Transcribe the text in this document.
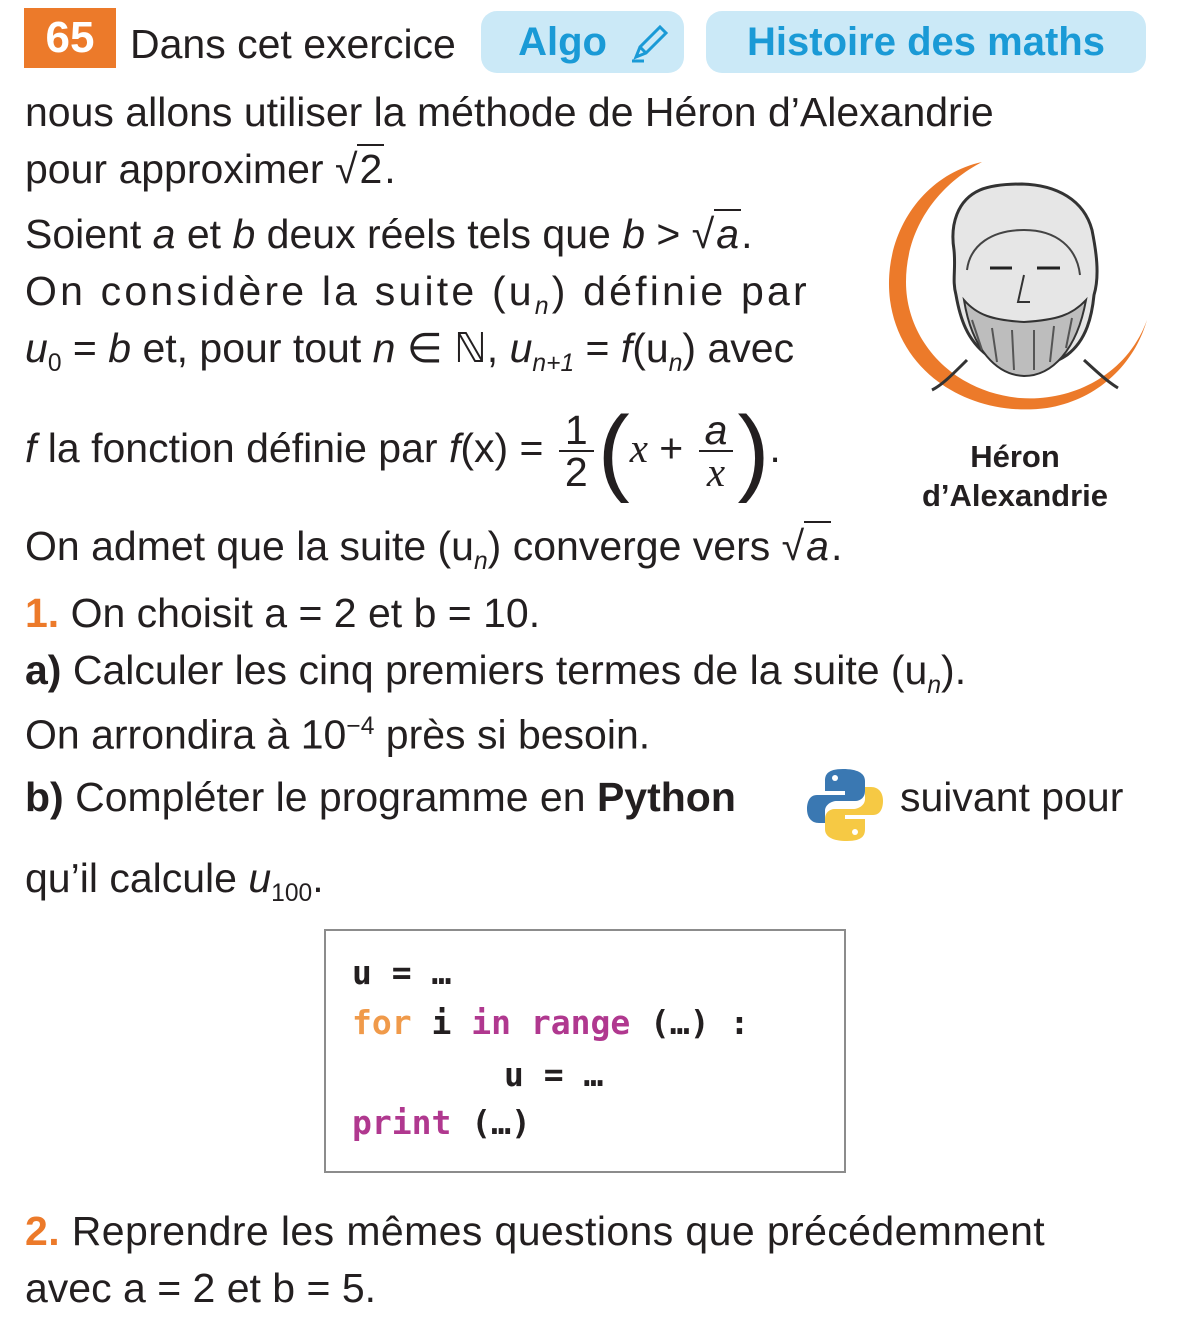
65 Dans cet exercice	Algo	Histoire des maths
nous allons utiliser la méthode de Héron d’Alexandrie
pour approximer √2.
Soient a et b deux réels tels que b > √a.
On considère la suite $(u_n)$ définie par
$u_0 = b$ et, pour tout n ∈ ℕ, $u_{n+1} = f(u_n)$ avec
f la fonction définie par $f(x) = \frac{1}{2} (x + \frac{a}{x}$ ).
On admet que la suite $(u_n)$ converge vers √a.
1. On choisit a = 2 et b = 10.
a) Calculer les cinq premiers termes de la suite $(u_n)$.
On arrondira à $10^{-4}$ près si besoin.
b) Compléter le programme en Python	suivant pour
qu’il calcule $u_{100}$.
u = …
for i in range (…) :
u = …
print (…)
2. Reprendre les mêmes questions que précédemment
avec a = 2 et b = 5.
Héron
d’Alexandrie
